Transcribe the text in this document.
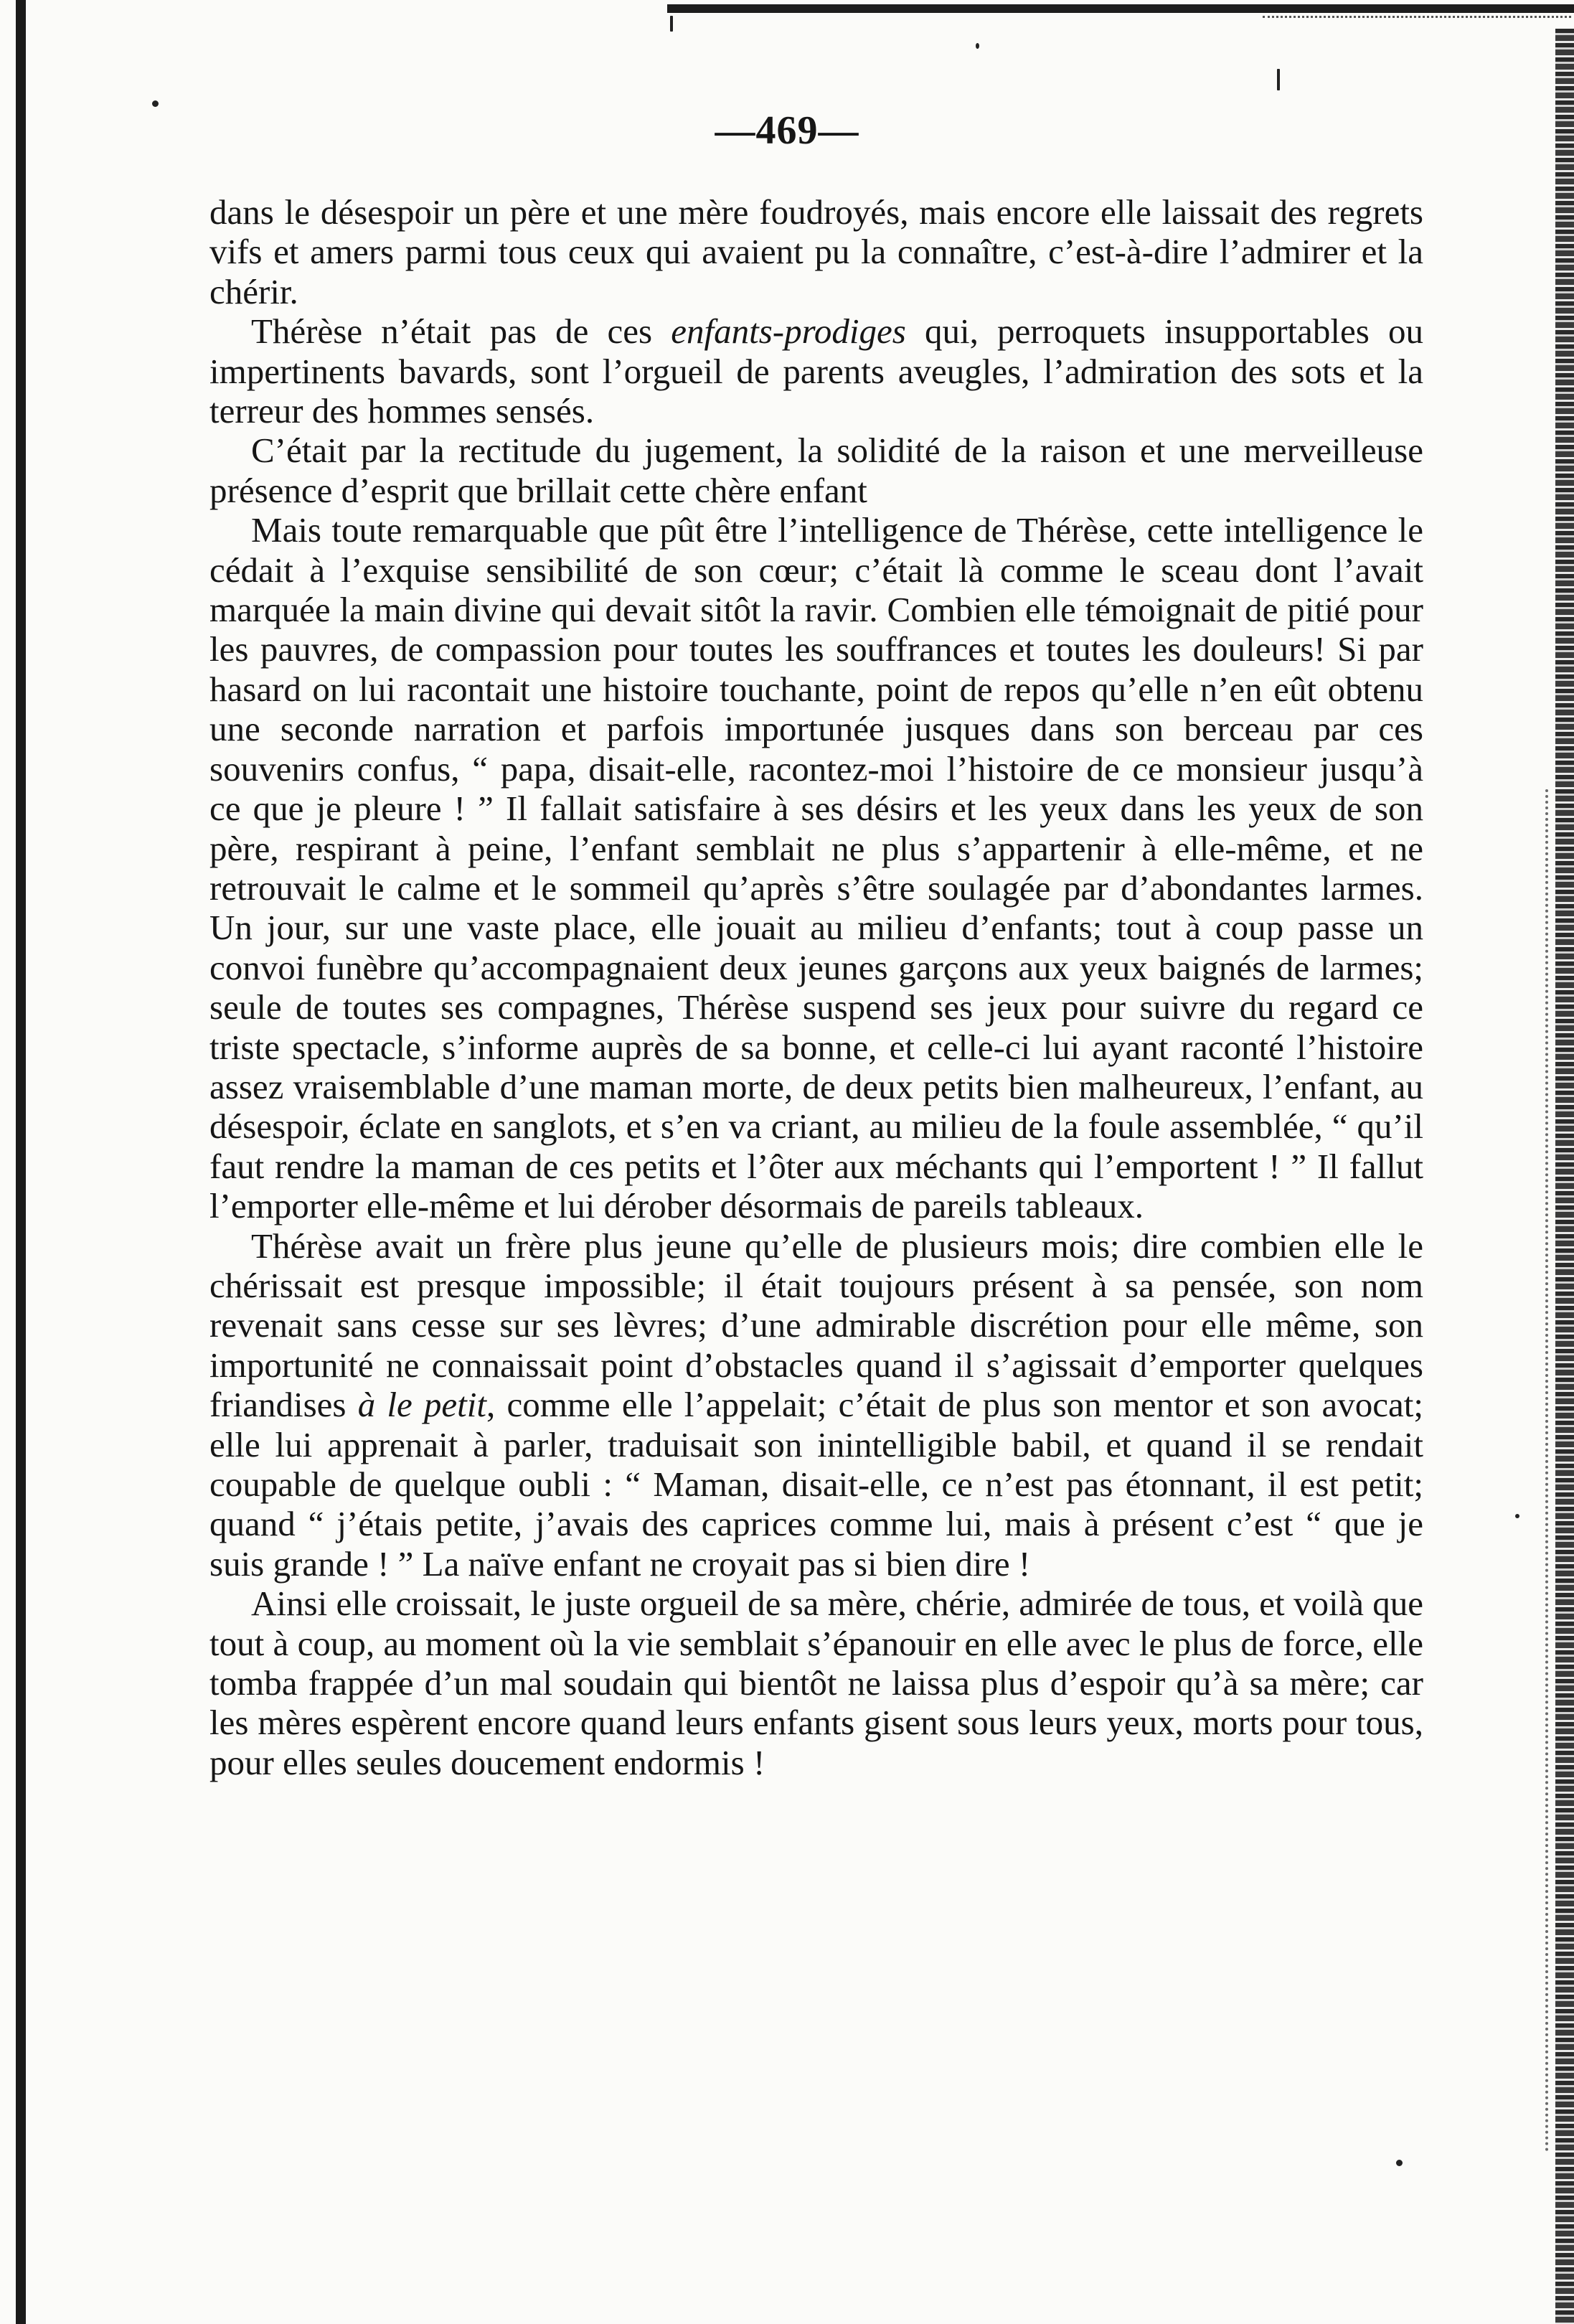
—469—

dans le désespoir un père et une mère foudroyés, mais encore elle laissait des regrets vifs et amers parmi tous ceux qui avaient pu la connaître, c’est-à-dire l’admirer et la chérir.

Thérèse n’était pas de ces enfants-prodiges qui, perroquets insupportables ou impertinents bavards, sont l’orgueil de parents aveugles, l’admiration des sots et la terreur des hommes sensés.

C’était par la rectitude du jugement, la solidité de la raison et une merveilleuse présence d’esprit que brillait cette chère enfant

Mais toute remarquable que pût être l’intelligence de Thérèse, cette intelligence le cédait à l’exquise sensibilité de son cœur; c’était là comme le sceau dont l’avait marquée la main divine qui devait sitôt la ravir. Combien elle témoignait de pitié pour les pauvres, de compassion pour toutes les souffrances et toutes les douleurs! Si par hasard on lui racontait une histoire touchante, point de repos qu’elle n’en eût obtenu une seconde narration et parfois importunée jusques dans son berceau par ces souvenirs confus, “ papa, disait-elle, racontez-moi l’histoire de ce monsieur jusqu’à ce que je pleure ! ” Il fallait satisfaire à ses désirs et les yeux dans les yeux de son père, respirant à peine, l’enfant semblait ne plus s’appartenir à elle-même, et ne retrouvait le calme et le sommeil qu’après s’être soulagée par d’abondantes larmes. Un jour, sur une vaste place, elle jouait au milieu d’enfants; tout à coup passe un convoi funèbre qu’accompagnaient deux jeunes garçons aux yeux baignés de larmes; seule de toutes ses compagnes, Thérèse suspend ses jeux pour suivre du regard ce triste spectacle, s’informe auprès de sa bonne, et celle-ci lui ayant raconté l’histoire assez vraisemblable d’une maman morte, de deux petits bien malheureux, l’enfant, au désespoir, éclate en sanglots, et s’en va criant, au milieu de la foule assemblée, “ qu’il faut rendre la maman de ces petits et l’ôter aux méchants qui l’emportent ! ” Il fallut l’emporter elle-même et lui dérober désormais de pareils tableaux.

Thérèse avait un frère plus jeune qu’elle de plusieurs mois; dire combien elle le chérissait est presque impossible; il était toujours présent à sa pensée, son nom revenait sans cesse sur ses lèvres; d’une admirable discrétion pour elle même, son importunité ne connaissait point d’obstacles quand il s’agissait d’emporter quelques friandises à le petit, comme elle l’appelait; c’était de plus son mentor et son avocat; elle lui apprenait à parler, traduisait son inintelligible babil, et quand il se rendait coupable de quelque oubli : “ Maman, disait-elle, ce n’est pas étonnant, il est petit; quand “ j’étais petite, j’avais des caprices comme lui, mais à présent c’est “ que je suis grande ! ” La naïve enfant ne croyait pas si bien dire !

Ainsi elle croissait, le juste orgueil de sa mère, chérie, admirée de tous, et voilà que tout à coup, au moment où la vie semblait s’épanouir en elle avec le plus de force, elle tomba frappée d’un mal soudain qui bientôt ne laissa plus d’espoir qu’à sa mère; car les mères espèrent encore quand leurs enfants gisent sous leurs yeux, morts pour tous, pour elles seules doucement endormis !
